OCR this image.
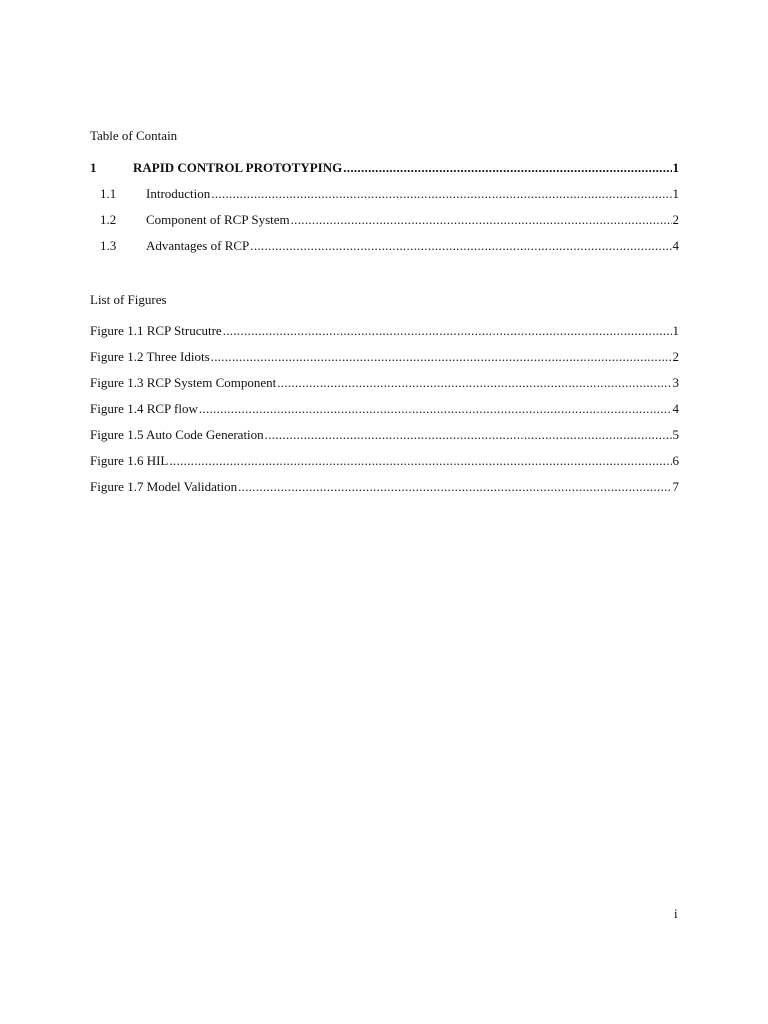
Table of Contain
1	RAPID CONTROL PROTOTYPING .....	1
1.1	Introduction .....	1
1.2	Component of RCP System .....	2
1.3	Advantages of RCP .....	4
List of Figures
Figure 1.1 RCP Strucutre .....	1
Figure 1.2 Three Idiots .....	2
Figure 1.3 RCP System Component .....	3
Figure 1.4 RCP flow .....	4
Figure 1.5 Auto Code Generation .....	5
Figure 1.6 HIL .....	6
Figure 1.7 Model Validation .....	7
i
